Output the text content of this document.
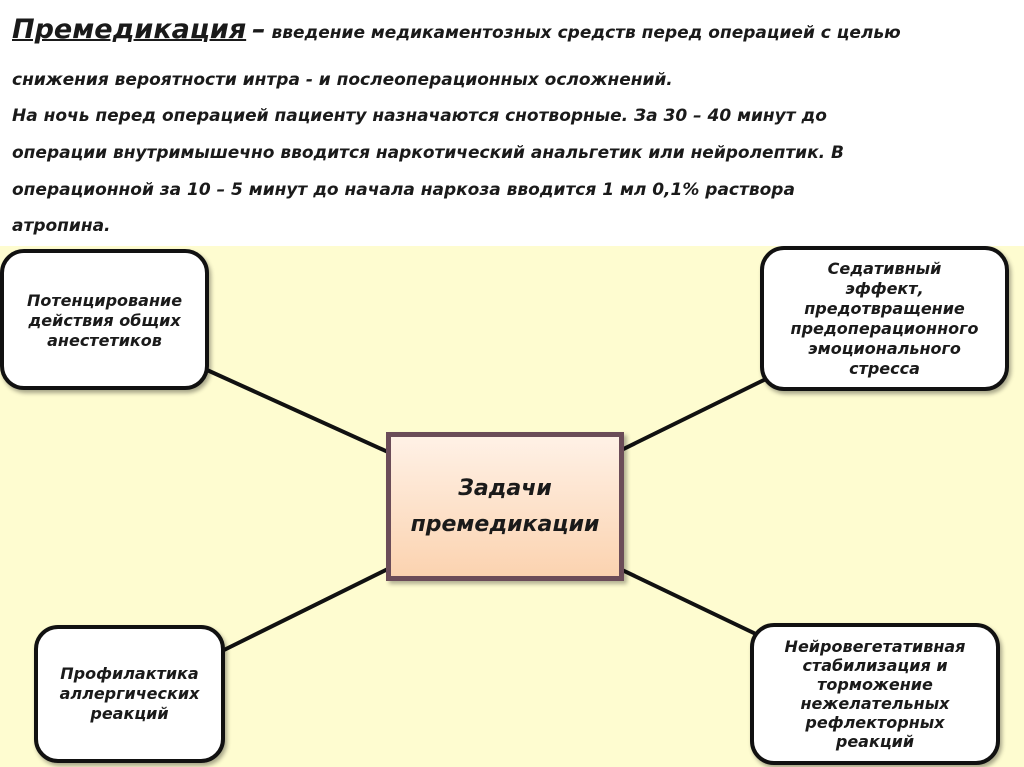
Премедикация – введение медикаментозных средств перед операцией с целью
снижения вероятности интра - и послеоперационных осложнений.
На ночь перед операцией пациенту назначаются снотворные. За 30 – 40 минут до
операции внутримышечно вводится наркотический анальгетик или нейролептик. В
операционной за 10 – 5 минут до начала наркоза вводится 1 мл 0,1% раствора
атропина.
Потенцирование
действия общих
анестетиков
Седативный
эффект,
предотвращение
предоперационного
эмоционального
стресса
Задачи
премедикации
Профилактика
аллергических
реакций
Нейровегетативная
стабилизация и
торможение
нежелательных
рефлекторных
реакций
